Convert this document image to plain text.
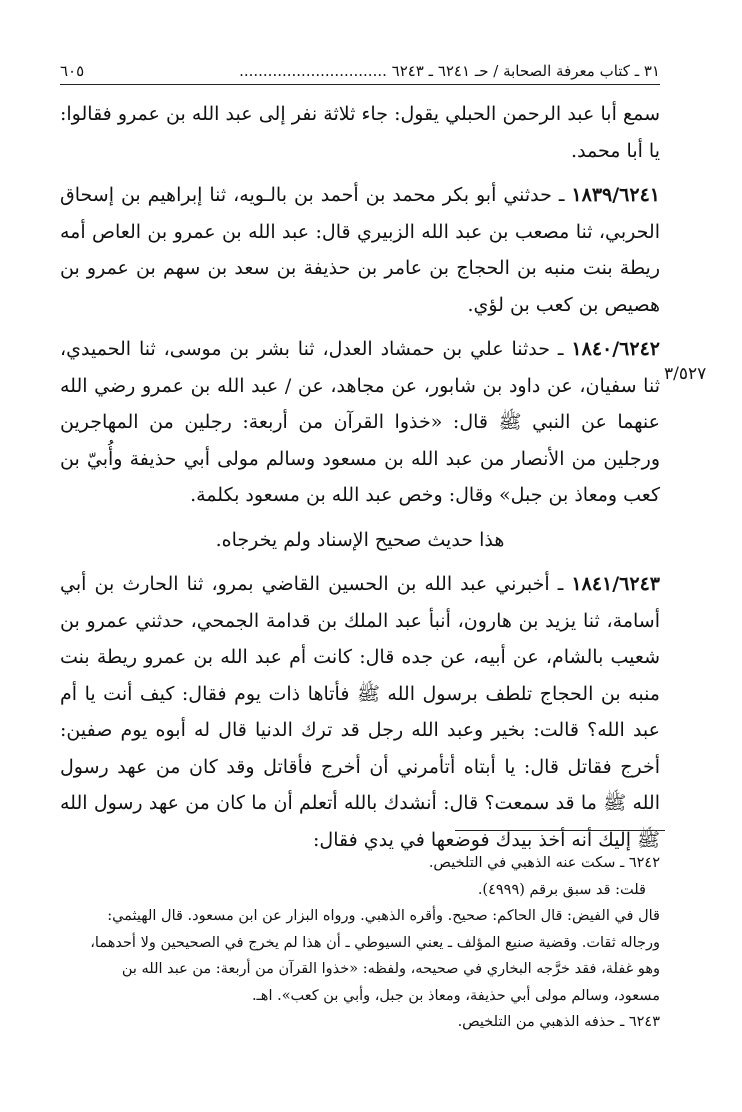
٣١ ـ كتاب معرفة الصحابة / حـ ٦٢٤١ ـ ٦٢٤٣ ...............................
٦٠٥
٣/٥٢٧

سمع أبا عبد الرحمن الحبلي يقول: جاء ثلاثة نفر إلى عبد الله بن عمرو فقالوا: يا أبا محمد.

١٨٣٩/٦٢٤١ ـ حدثني أبو بكر محمد بن أحمد بن بالـويه، ثنا إبراهيم بن إسحاق الحربي، ثنا مصعب بن عبد الله الزبيري قال: عبد الله بن عمرو بن العاص أمه ريطة بنت منبه بن الحجاج بن عامر بن حذيفة بن سعد بن سهم بن عمرو بن هصيص بن كعب بن لؤي.

١٨٤٠/٦٢٤٢ ـ حدثنا علي بن حمشاد العدل، ثنا بشر بن موسى، ثنا الحميدي، ثنا سفيان، عن داود بن شابور، عن مجاهد، عن / عبد الله بن عمرو رضي الله عنهما عن النبي ﷺ قال: «خذوا القرآن من أربعة: رجلين من المهاجرين ورجلين من الأنصار من عبد الله بن مسعود وسالم مولى أبي حذيفة وأُبيّ بن كعب ومعاذ بن جبل» وقال: وخص عبد الله بن مسعود بكلمة.

هذا حديث صحيح الإسناد ولم يخرجاه.

١٨٤١/٦٢٤٣ ـ أخبرني عبد الله بن الحسين القاضي بمرو، ثنا الحارث بن أبي أسامة، ثنا يزيد بن هارون، أنبأ عبد الملك بن قدامة الجمحي، حدثني عمرو بن شعيب بالشام، عن أبيه، عن جده قال: كانت أم عبد الله بن عمرو ريطة بنت منبه بن الحجاج تلطف برسول الله ﷺ فأتاها ذات يوم فقال: كيف أنت يا أم عبد الله؟ قالت: بخير وعبد الله رجل قد ترك الدنيا قال له أبوه يوم صفين: أخرج فقاتل قال: يا أبتاه أتأمرني أن أخرج فأقاتل وقد كان من عهد رسول الله ﷺ ما قد سمعت؟ قال: أنشدك بالله أتعلم أن ما كان من عهد رسول الله ﷺ إليك أنه أخذ بيدك فوضعها في يدي فقال:

٦٢٤٢ ـ سكت عنه الذهبي في التلخيص.

قلت: قد سبق برقم (٤٩٩٩).

قال في الفيض: قال الحاكم: صحيح. وأقره الذهبي. ورواه البزار عن ابن مسعود. قال الهيثمي:

ورجاله ثقات. وقضية صنيع المؤلف ـ يعني السيوطي ـ أن هذا لم يخرج في الصحيحين ولا أحدهما،

وهو غفلة، فقد خرَّجه البخاري في صحيحه، ولفظه: «خذوا القرآن من أربعة: من عبد الله بن

مسعود، وسالم مولى أبي حذيفة، ومعاذ بن جبل، وأبي بن كعب». اهـ.

٦٢٤٣ ـ حذفه الذهبي من التلخيص.
